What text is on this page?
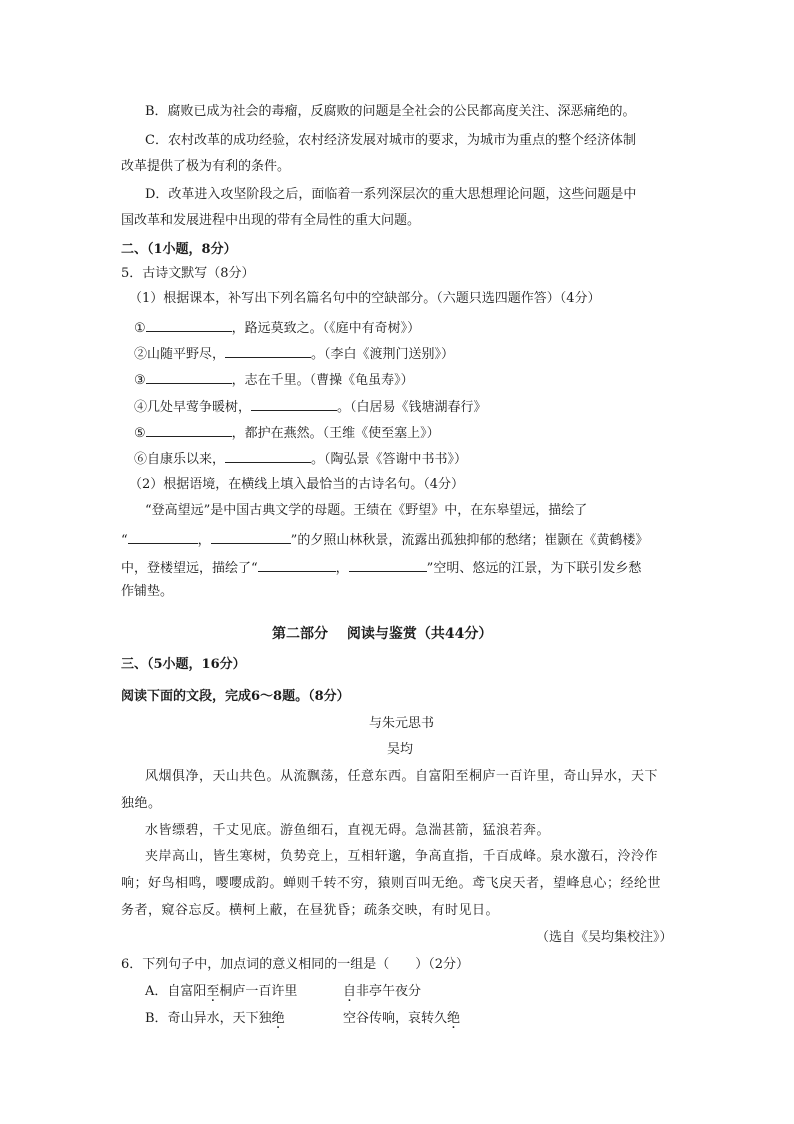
B．腐败已成为社会的毒瘤，反腐败的问题是全社会的公民都高度关注、深恶痛绝的。
C．农村改革的成功经验，农村经济发展对城市的要求，为城市为重点的整个经济体制
改革提供了极为有利的条件。
D．改革进入攻坚阶段之后，面临着一系列深层次的重大思想理论问题，这些问题是中
国改革和发展进程中出现的带有全局性的重大问题。
二、（1小题，8分）
5．古诗文默写（8分）
（1）根据课本，补写出下列名篇名句中的空缺部分。（六题只选四题作答）（4分）
①	，路远莫致之。（《庭中有奇树》）
②山随平野尽，	。（李白《渡荆门送别》）
③	，志在千里。（曹操《龟虽寿》）
④几处早莺争暖树，	。（白居易《钱塘湖春行》
⑤	，都护在燕然。（王维《使至塞上》）
⑥自康乐以来，	。（陶弘景《答谢中书书》）
（2）根据语境，在横线上填入最恰当的古诗名句。（4分）
“登高望远”是中国古典文学的母题。王绩在《野望》中，在东皋望远，描绘了
“	，	”的夕照山林秋景，流露出孤独抑郁的愁绪；崔颢在《黄鹤楼》
中，登楼望远，描绘了“	，	”空明、悠远的江景，为下联引发乡愁
作铺垫。
第二部分　 阅读与鉴赏（共44分）
三、（5小题，16分）
阅读下面的文段，完成6～8题。（8分）
与朱元思书
吴均
风烟俱净，天山共色。从流飘荡，任意东西。自富阳至桐庐一百许里，奇山异水，天下
独绝。
水皆缥碧，千丈见底。游鱼细石，直视无碍。急湍甚箭，猛浪若奔。
夹岸高山，皆生寒树，负势竞上，互相轩邈，争高直指，千百成峰。泉水激石，泠泠作
响；好鸟相鸣，嘤嘤成韵。蝉则千转不穷，猿则百叫无绝。鸢飞戾天者，望峰息心；经纶世
务者，窥谷忘反。横柯上蔽，在昼犹昏；疏条交映，有时见日。
（选自《吴均集校注》）
6．下列句子中，加点词的意义相同的一组是（　　）（2分）
A．自富阳至桐庐一百许里	自非亭午夜分
B．奇山异水，天下独绝	空谷传响，哀转久绝
